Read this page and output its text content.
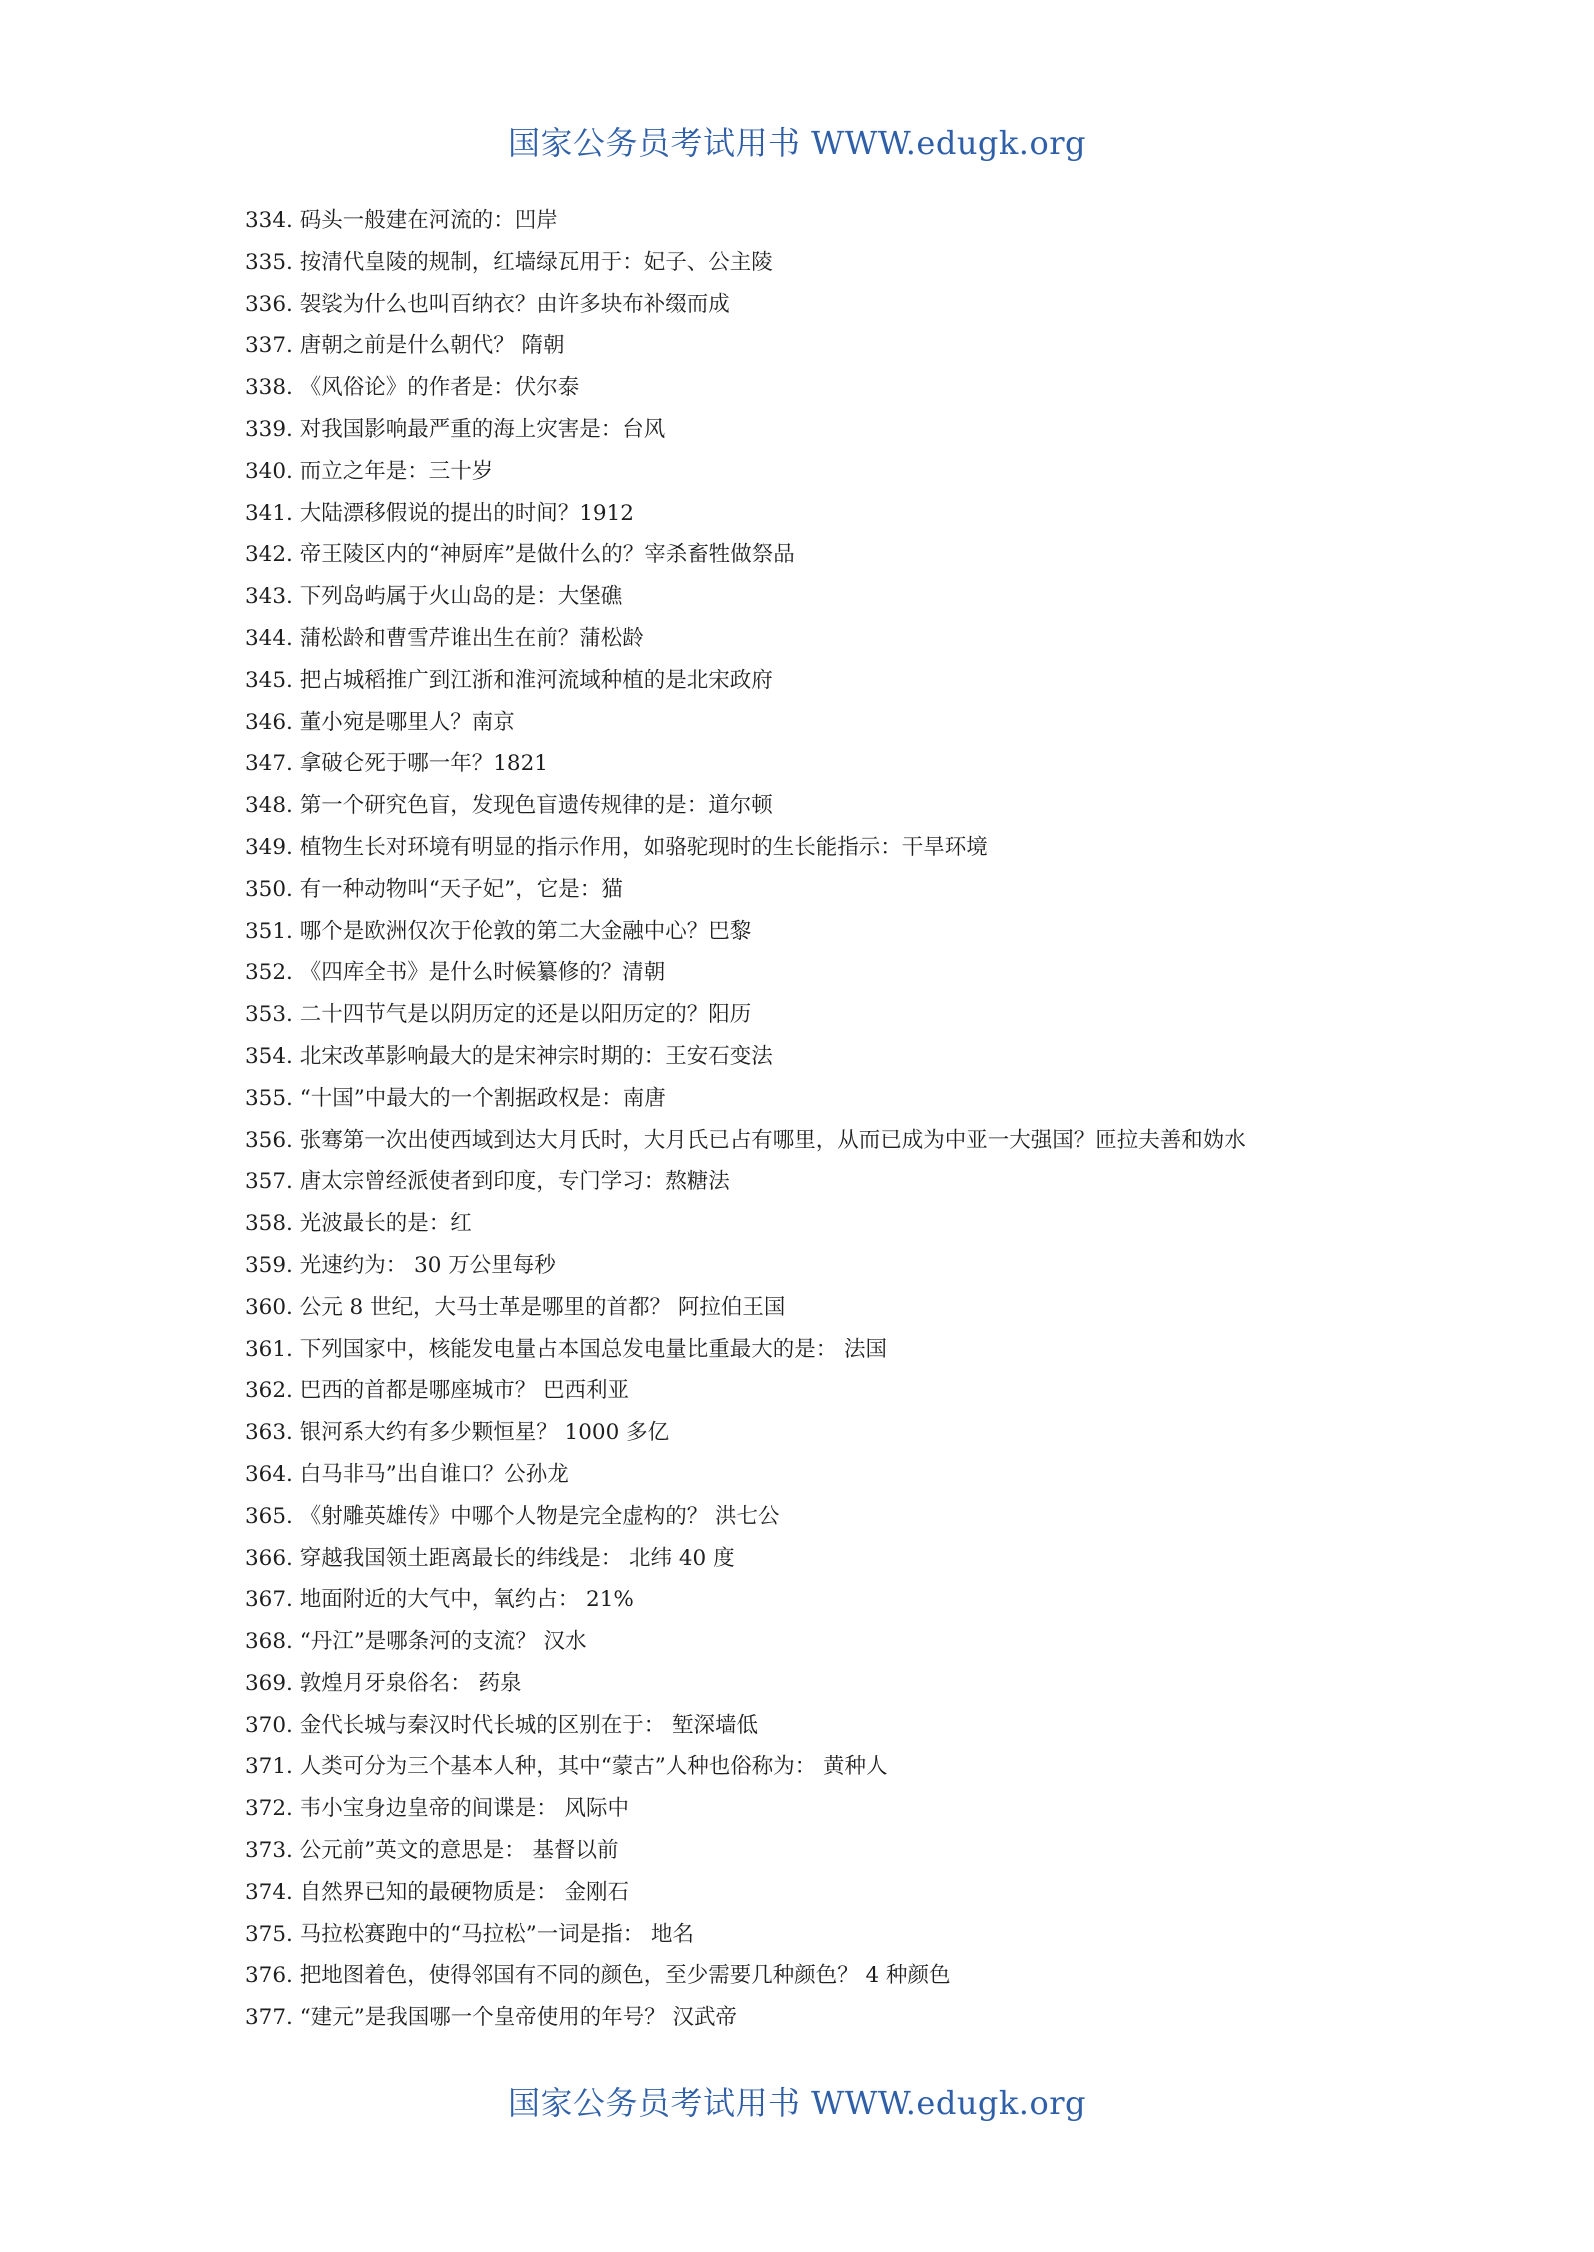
国家公务员考试用书 WWW.edugk.org
334. 码头一般建在河流的：凹岸
335. 按清代皇陵的规制，红墙绿瓦用于：妃子、公主陵
336. 袈裟为什么也叫百纳衣？由许多块布补缀而成
337. 唐朝之前是什么朝代？ 隋朝
338. 《风俗论》的作者是：伏尔泰
339. 对我国影响最严重的海上灾害是：台风
340. 而立之年是：三十岁
341. 大陆漂移假说的提出的时间？1912
342. 帝王陵区内的“神厨库”是做什么的？宰杀畜牲做祭品
343. 下列岛屿属于火山岛的是：大堡礁
344. 蒲松龄和曹雪芹谁出生在前？蒲松龄
345. 把占城稻推广到江浙和淮河流域种植的是北宋政府
346. 董小宛是哪里人？南京
347. 拿破仑死于哪一年？1821
348. 第一个研究色盲，发现色盲遗传规律的是：道尔顿
349. 植物生长对环境有明显的指示作用，如骆驼现时的生长能指示：干旱环境
350. 有一种动物叫“天子妃”，它是：猫
351. 哪个是欧洲仅次于伦敦的第二大金融中心？巴黎
352. 《四库全书》是什么时候纂修的？清朝
353. 二十四节气是以阴历定的还是以阳历定的？阳历
354. 北宋改革影响最大的是宋神宗时期的：王安石变法
355. “十国”中最大的一个割据政权是：南唐
356. 张骞第一次出使西域到达大月氏时，大月氏已占有哪里，从而已成为中亚一大强国？匝拉夫善和妫水
357. 唐太宗曾经派使者到印度，专门学习：熬糖法
358. 光波最长的是：红
359. 光速约为： 30 万公里每秒
360. 公元 8 世纪，大马士革是哪里的首都？ 阿拉伯王国
361. 下列国家中，核能发电量占本国总发电量比重最大的是： 法国
362. 巴西的首都是哪座城市？ 巴西利亚
363. 银河系大约有多少颗恒星？ 1000 多亿
364. 白马非马”出自谁口？公孙龙
365. 《射雕英雄传》中哪个人物是完全虚构的？ 洪七公
366. 穿越我国领土距离最长的纬线是： 北纬 40 度
367. 地面附近的大气中，氧约占： 21%
368. “丹江”是哪条河的支流？ 汉水
369. 敦煌月牙泉俗名： 药泉
370. 金代长城与秦汉时代长城的区别在于： 堑深墙低
371. 人类可分为三个基本人种，其中“蒙古”人种也俗称为： 黄种人
372. 韦小宝身边皇帝的间谍是： 风际中
373. 公元前”英文的意思是： 基督以前
374. 自然界已知的最硬物质是： 金刚石
375. 马拉松赛跑中的“马拉松”一词是指： 地名
376. 把地图着色，使得邻国有不同的颜色，至少需要几种颜色？ 4 种颜色
377. “建元”是我国哪一个皇帝使用的年号？ 汉武帝
国家公务员考试用书 WWW.edugk.org
